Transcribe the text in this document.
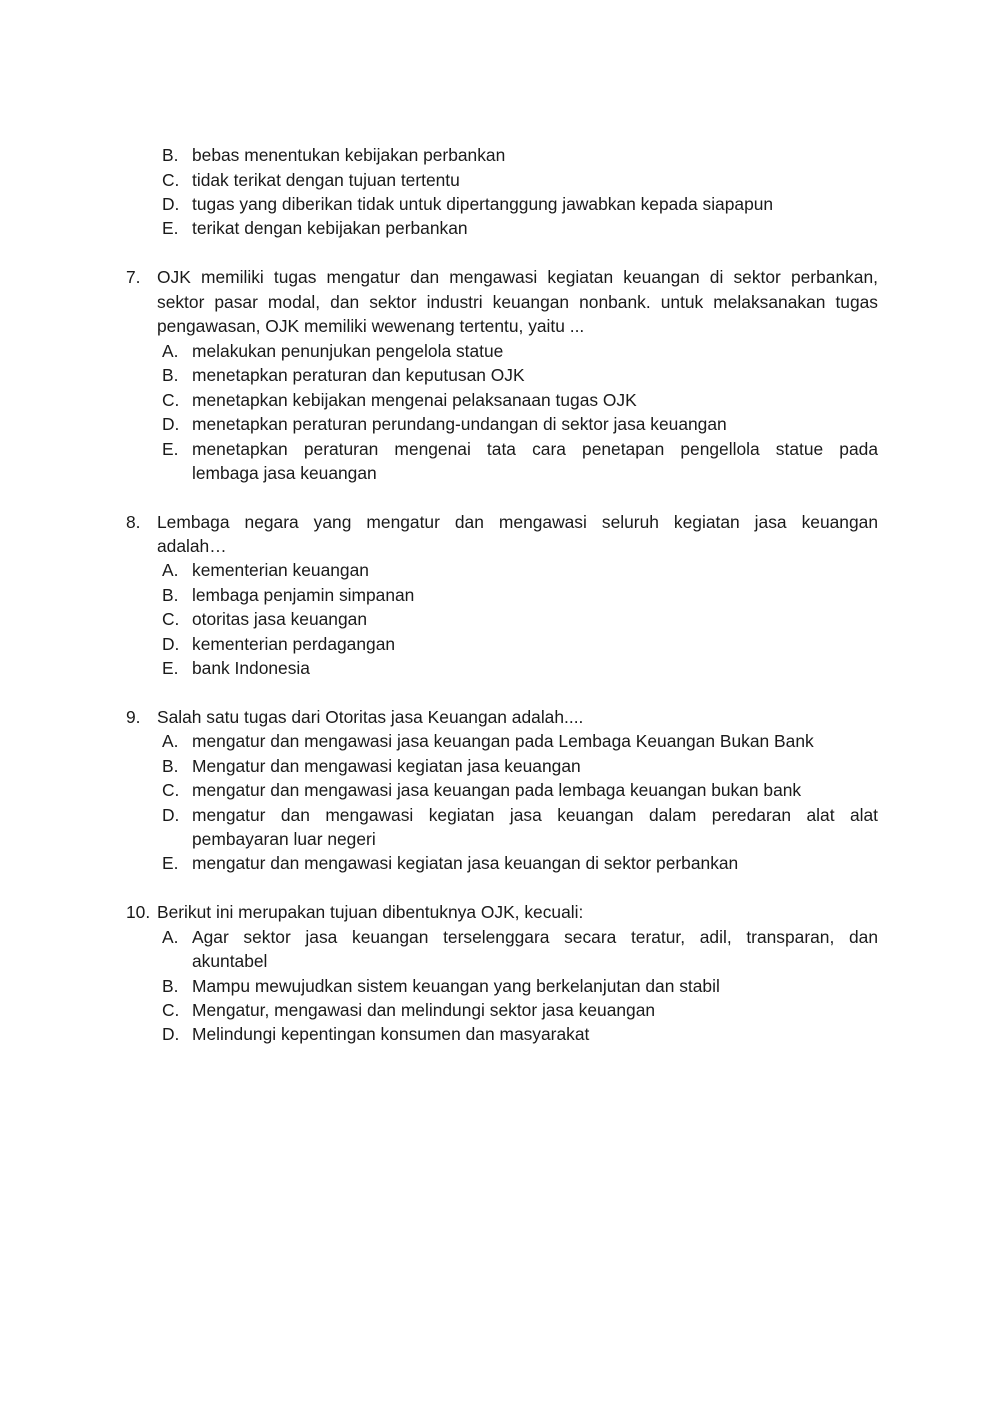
B. bebas menentukan kebijakan perbankan
C. tidak terikat dengan tujuan tertentu
D. tugas yang diberikan tidak untuk dipertanggung jawabkan kepada siapapun
E. terikat dengan kebijakan perbankan
7. OJK memiliki tugas mengatur dan mengawasi kegiatan keuangan di sektor perbankan,
sektor pasar modal, dan sektor industri keuangan nonbank. untuk melaksanakan tugas
pengawasan, OJK memiliki wewenang tertentu, yaitu ...
A. melakukan penunjukan pengelola statue
B. menetapkan peraturan dan keputusan OJK
C. menetapkan kebijakan mengenai pelaksanaan tugas OJK
D. menetapkan peraturan perundang-undangan di sektor jasa keuangan
E. menetapkan peraturan mengenai tata cara penetapan pengellola statue pada
lembaga jasa keuangan
8. Lembaga negara yang mengatur dan mengawasi seluruh kegiatan jasa keuangan
adalah…
A. kementerian keuangan
B. lembaga penjamin simpanan
C. otoritas jasa keuangan
D. kementerian perdagangan
E. bank Indonesia
9. Salah satu tugas dari Otoritas jasa Keuangan adalah....
A. mengatur dan mengawasi jasa keuangan pada Lembaga Keuangan Bukan Bank
B. Mengatur dan mengawasi kegiatan jasa keuangan
C. mengatur dan mengawasi jasa keuangan pada lembaga keuangan bukan bank
D. mengatur dan mengawasi kegiatan jasa keuangan dalam peredaran alat alat
pembayaran luar negeri
E. mengatur dan mengawasi kegiatan jasa keuangan di sektor perbankan
10. Berikut ini merupakan tujuan dibentuknya OJK, kecuali:
A. Agar sektor jasa keuangan terselenggara secara teratur, adil, transparan, dan
akuntabel
B. Mampu mewujudkan sistem keuangan yang berkelanjutan dan stabil
C. Mengatur, mengawasi dan melindungi sektor jasa keuangan
D. Melindungi kepentingan konsumen dan masyarakat
